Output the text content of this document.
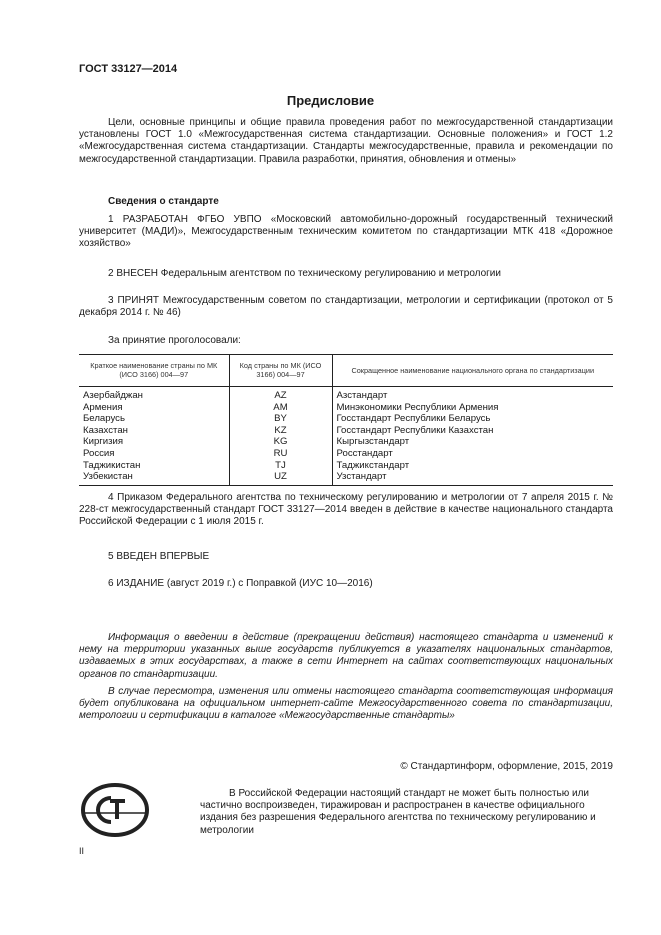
ГОСТ 33127—2014
Предисловие

Цели, основные принципы и общие правила проведения работ по межгосударственной стандартизации установлены ГОСТ 1.0 «Межгосударственная система стандартизации. Основные положения» и ГОСТ 1.2 «Межгосударственная система стандартизации. Стандарты межгосударственные, правила и рекомендации по межгосударственной стандартизации. Правила разработки, принятия, обновления и отмены»

Сведения о стандарте

1 РАЗРАБОТАН ФГБО УВПО «Московский автомобильно-дорожный государственный технический университет (МАДИ)», Межгосударственным техническим комитетом по стандартизации МТК 418 «Дорожное хозяйство»

2 ВНЕСЕН Федеральным агентством по техническому регулированию и метрологии

3 ПРИНЯТ Межгосударственным советом по стандартизации, метрологии и сертификации (протокол от 5 декабря 2014 г. № 46)

За принятие проголосовали:
Краткое наименование страны по МК (ИСО 3166) 004—97	Код страны по МК (ИСО 3166) 004—97	Сокращенное наименование национального органа по стандартизации
Азербайджан	AZ	Азстандарт
Армения	AM	Минэкономики Республики Армения
Беларусь	BY	Госстандарт Республики Беларусь
Казахстан	KZ	Госстандарт Республики Казахстан
Киргизия	KG	Кыргызстандарт
Россия	RU	Росстандарт
Таджикистан	TJ	Таджикстандарт
Узбекистан	UZ	Узстандарт

4 Приказом Федерального агентства по техническому регулированию и метрологии от 7 апреля 2015 г. № 228-ст межгосударственный стандарт ГОСТ 33127—2014 введен в действие в качестве национального стандарта Российской Федерации с 1 июля 2015 г.

5 ВВЕДЕН ВПЕРВЫЕ

6 ИЗДАНИЕ (август 2019 г.) с Поправкой (ИУС 10—2016)

Информация о введении в действие (прекращении действия) настоящего стандарта и изменений к нему на территории указанных выше государств публикуется в указателях национальных стандартов, издаваемых в этих государствах, а также в сети Интернет на сайтах соответствующих национальных органов по стандартизации.

В случае пересмотра, изменения или отмены настоящего стандарта соответствующая информация будет опубликована на официальном интернет-сайте Межгосударственного совета по стандартизации, метрологии и сертификации в каталоге «Межгосударственные стандарты»

© Стандартинформ, оформление, 2015, 2019

В Российской Федерации настоящий стандарт не может быть полностью или частично воспроизведен, тиражирован и распространен в качестве официального издания без разрешения Федерального агентства по техническому регулированию и метрологии

II
